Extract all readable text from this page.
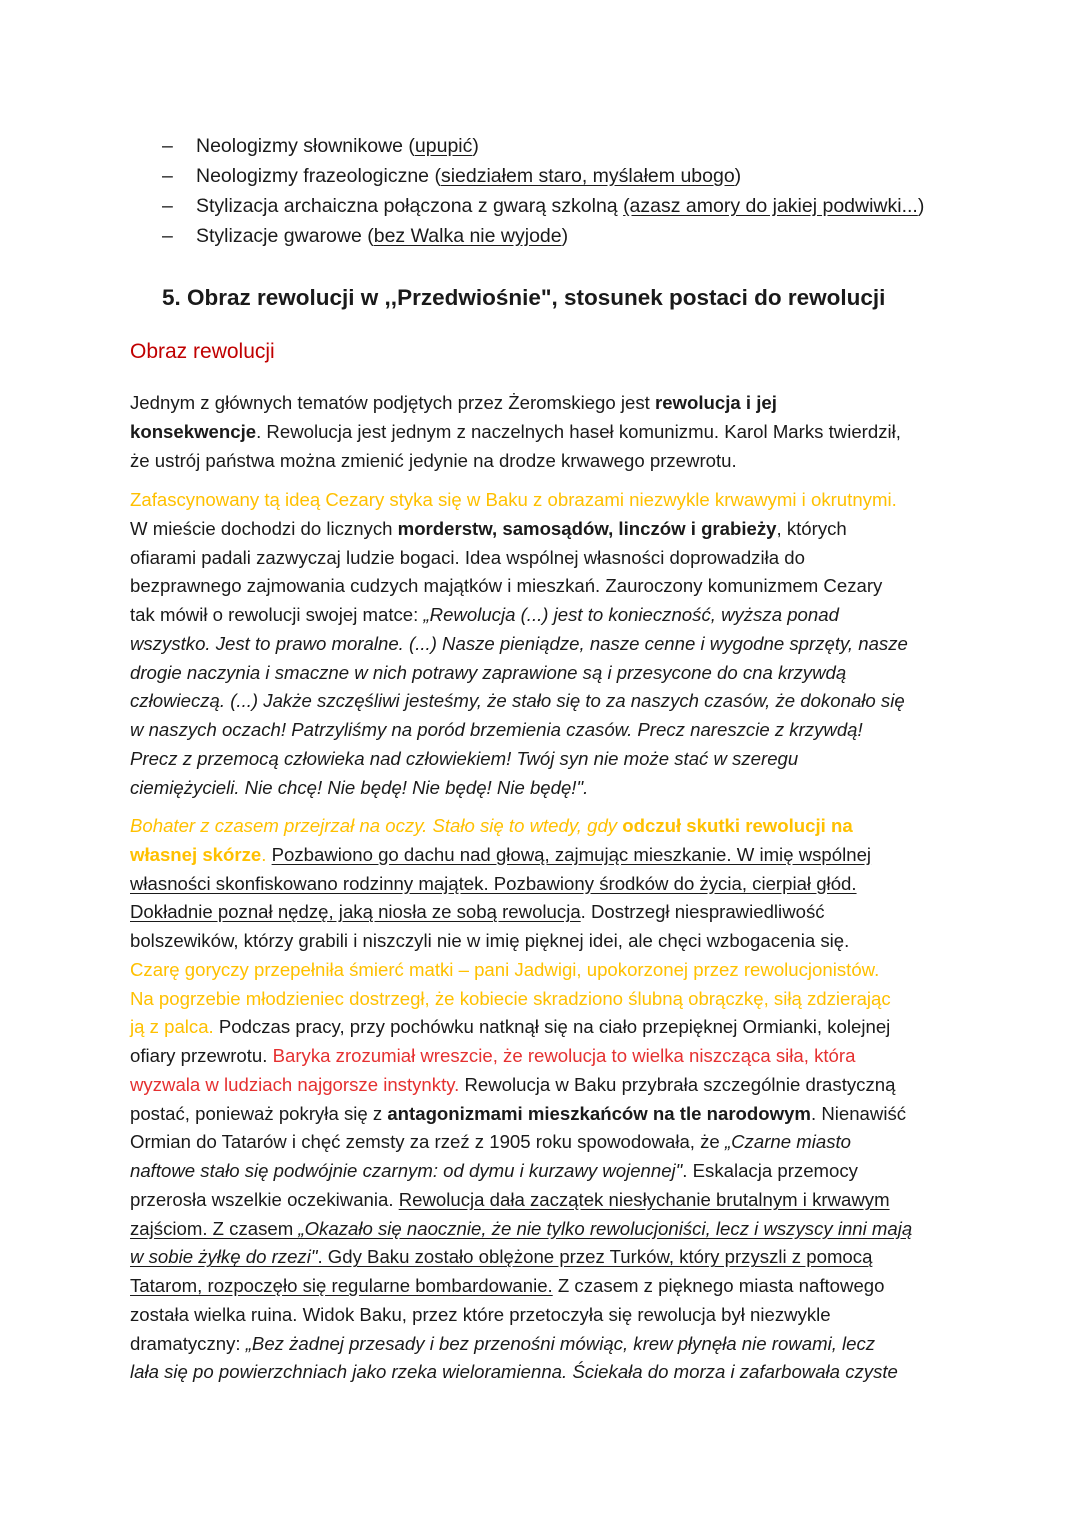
– Neologizmy słownikowe (upupić)
– Neologizmy frazeologiczne (siedziałem staro, myślałem ubogo)
– Stylizacja archaiczna połączona z gwarą szkolną (azasz amory do jakiej podwiwki...)
– Stylizacje gwarowe (bez Walka nie wyjode)
5. Obraz rewolucji w ,,Przedwiośnie", stosunek postaci do rewolucji
Obraz rewolucji
Jednym z głównych tematów podjętych przez Żeromskiego jest rewolucja i jej
konsekwencje. Rewolucja jest jednym z naczelnych haseł komunizmu. Karol Marks twierdził,
że ustrój państwa można zmienić jedynie na drodze krwawego przewrotu.
Zafascynowany tą ideą Cezary styka się w Baku z obrazami niezwykle krwawymi i okrutnymi.
W mieście dochodzi do licznych morderstw, samosądów, linczów i grabieży, których
ofiarami padali zazwyczaj ludzie bogaci. Idea wspólnej własności doprowadziła do
bezprawnego zajmowania cudzych majątków i mieszkań. Zauroczony komunizmem Cezary
tak mówił o rewolucji swojej matce: „Rewolucja (...) jest to konieczność, wyższa ponad
wszystko. Jest to prawo moralne. (...) Nasze pieniądze, nasze cenne i wygodne sprzęty, nasze
drogie naczynia i smaczne w nich potrawy zaprawione są i przesycone do cna krzywdą
człowieczą. (...) Jakże szczęśliwi jesteśmy, że stało się to za naszych czasów, że dokonało się
w naszych oczach! Patrzyliśmy na poród brzemienia czasów. Precz nareszcie z krzywdą!
Precz z przemocą człowieka nad człowiekiem! Twój syn nie może stać w szeregu
ciemiężycieli. Nie chcę! Nie będę! Nie będę! Nie będę!".
Bohater z czasem przejrzał na oczy. Stało się to wtedy, gdy odczuł skutki rewolucji na
własnej skórze. Pozbawiono go dachu nad głową, zajmując mieszkanie. W imię wspólnej
własności skonfiskowano rodzinny majątek. Pozbawiony środków do życia, cierpiał głód.
Dokładnie poznał nędzę, jaką niosła ze sobą rewolucja. Dostrzegł niesprawiedliwość
bolszewików, którzy grabili i niszczyli nie w imię pięknej idei, ale chęci wzbogacenia się.
Czarę goryczy przepełniła śmierć matki – pani Jadwigi, upokorzonej przez rewolucjonistów.
Na pogrzebie młodzieniec dostrzegł, że kobiecie skradziono ślubną obrączkę, siłą zdzierając
ją z palca. Podczas pracy, przy pochówku natknął się na ciało przepięknej Ormianki, kolejnej
ofiary przewrotu. Baryka zrozumiał wreszcie, że rewolucja to wielka niszcząca siła, która
wyzwala w ludziach najgorsze instynkty. Rewolucja w Baku przybrała szczególnie drastyczną
postać, ponieważ pokryła się z antagonizmami mieszkańców na tle narodowym. Nienawiść
Ormian do Tatarów i chęć zemsty za rzeź z 1905 roku spowodowała, że „Czarne miasto
naftowe stało się podwójnie czarnym: od dymu i kurzawy wojennej". Eskalacja przemocy
przerosła wszelkie oczekiwania. Rewolucja dała zaczątek niesłychanie brutalnym i krwawym
zajściom. Z czasem „Okazało się naocznie, że nie tylko rewolucjoniści, lecz i wszyscy inni mają
w sobie żyłkę do rzezi". Gdy Baku zostało oblężone przez Turków, który przyszli z pomocą
Tatarom, rozpoczęło się regularne bombardowanie. Z czasem z pięknego miasta naftowego
została wielka ruina. Widok Baku, przez które przetoczyła się rewolucja był niezwykle
dramatyczny: „Bez żadnej przesady i bez przenośni mówiąc, krew płynęła nie rowami, lecz
lała się po powierzchniach jako rzeka wieloramienna. Ściekała do morza i zafarbowała czyste
